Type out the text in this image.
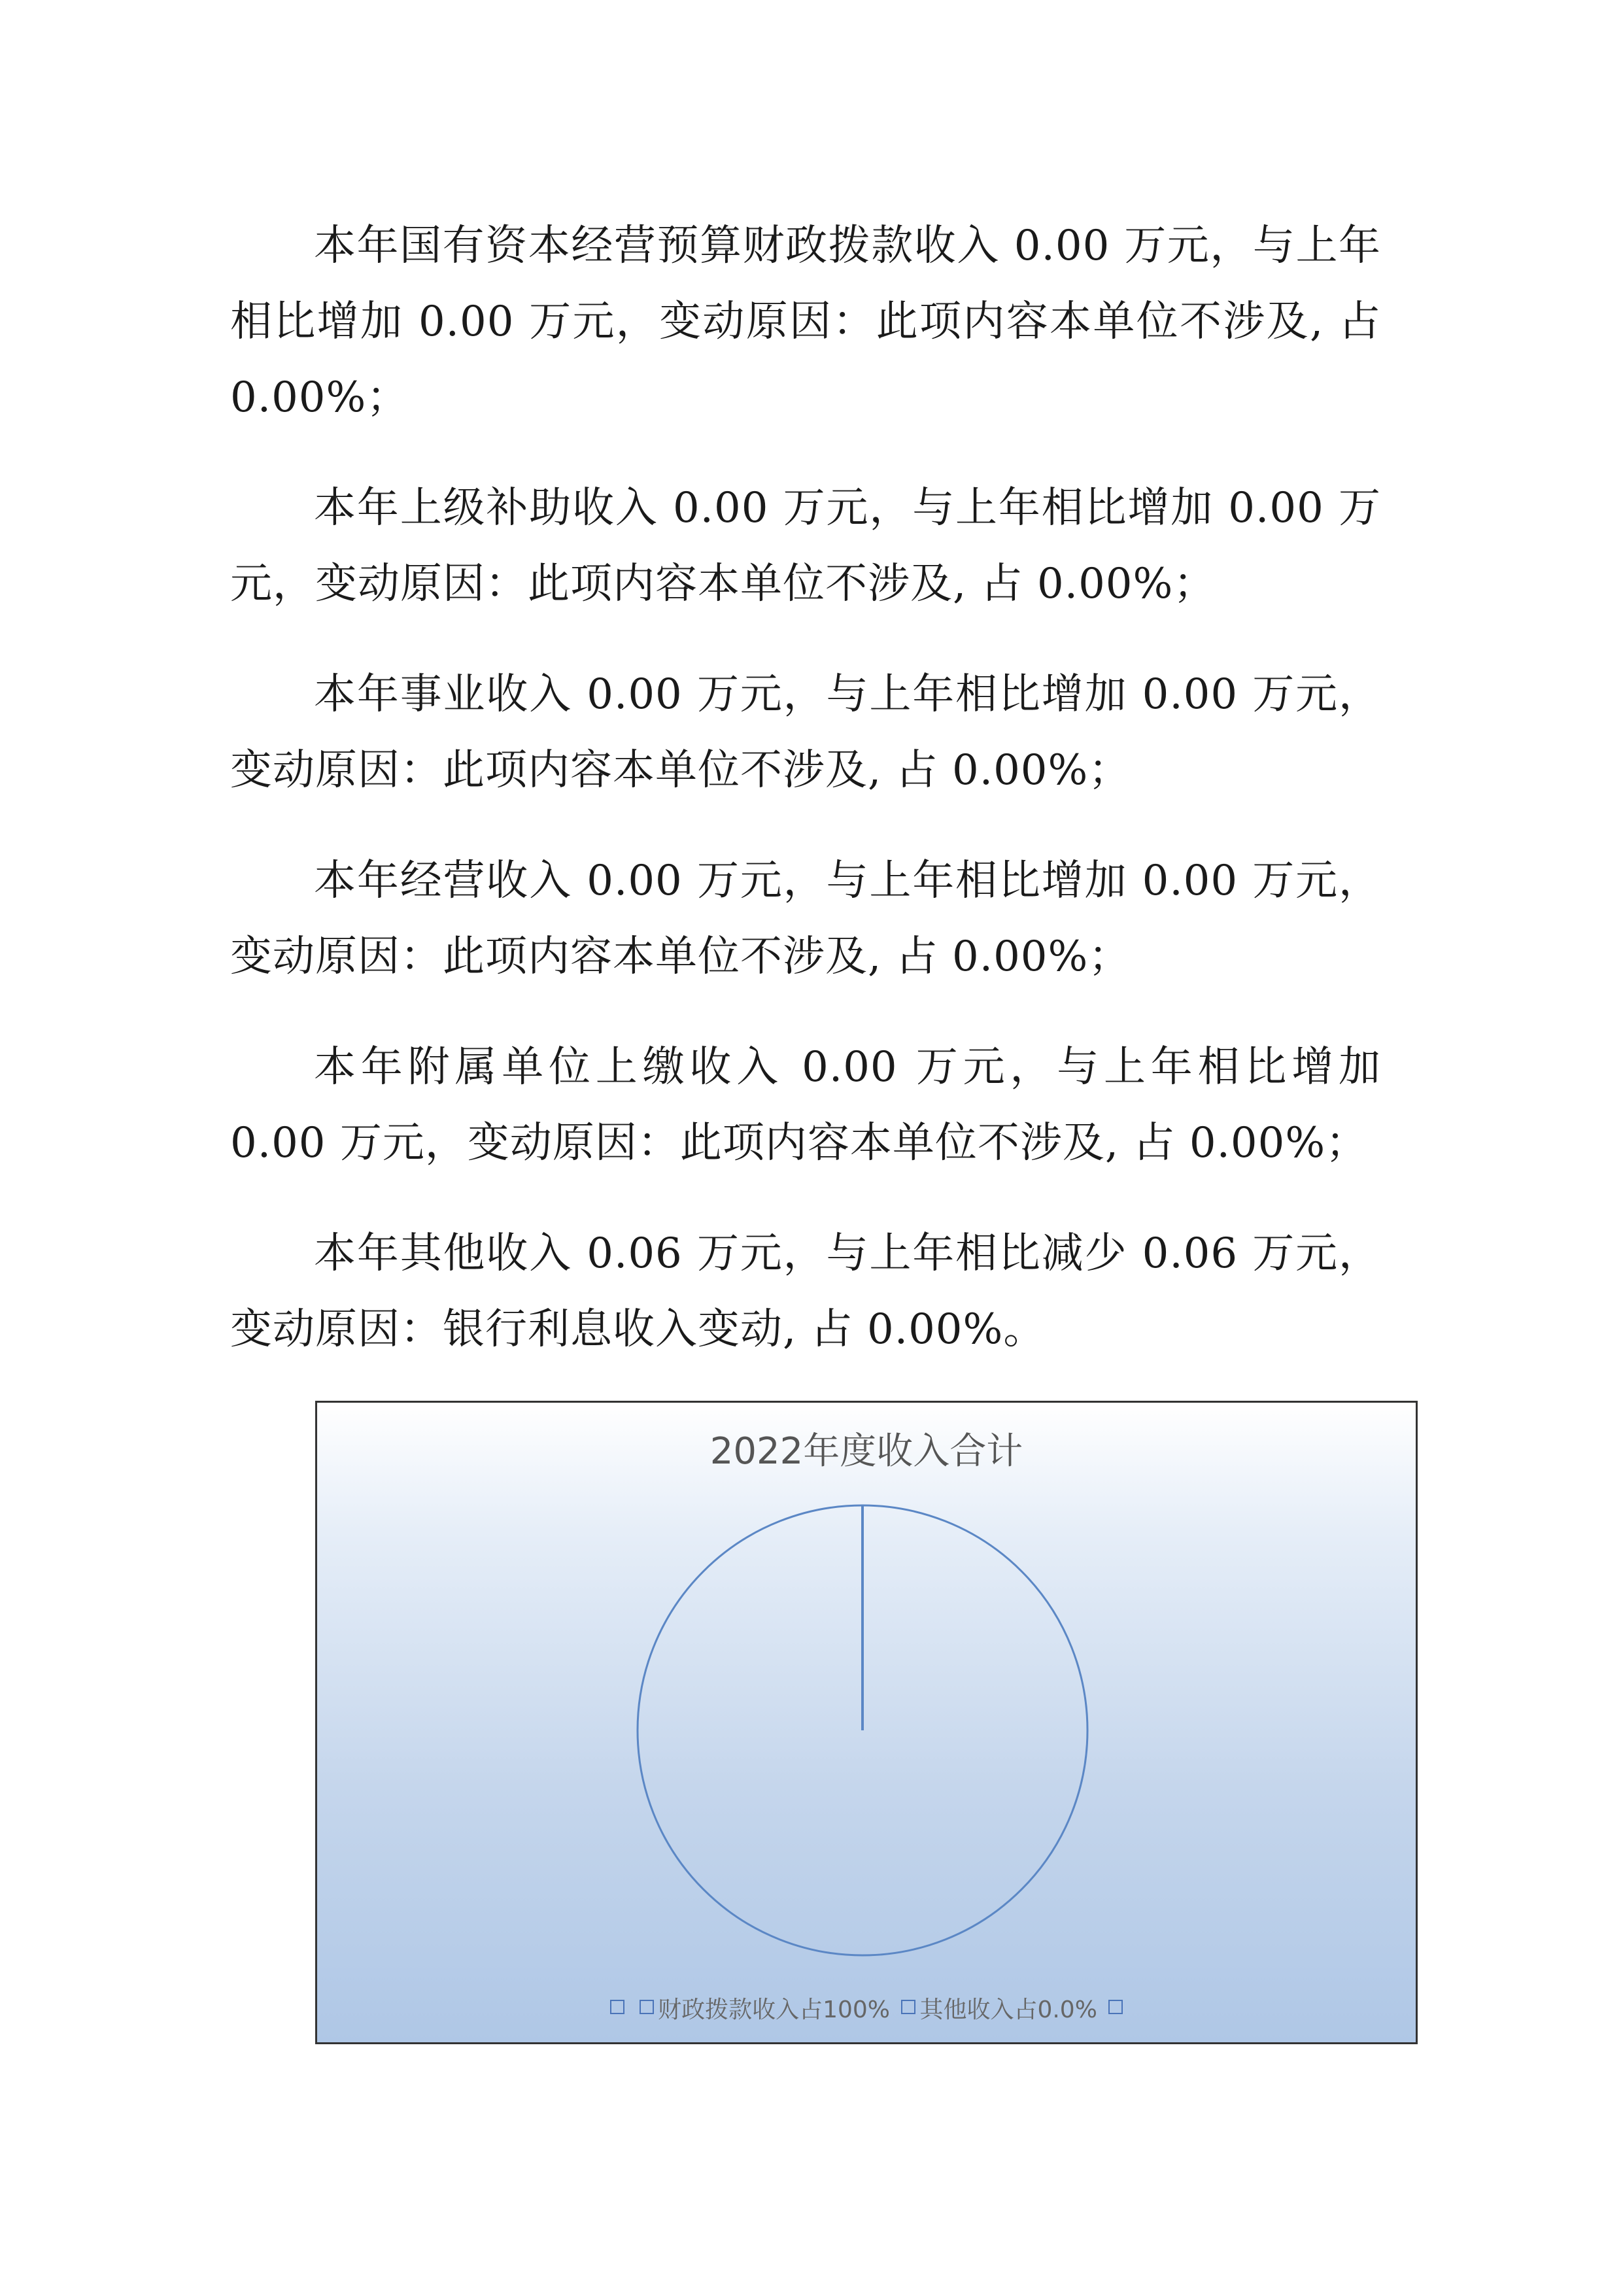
本年国有资本经营预算财政拨款收入 0.00 万元，与上年相比增加 0.00 万元，变动原因：此项内容本单位不涉及, 占 0.00%；

本年上级补助收入 0.00 万元，与上年相比增加 0.00 万元，变动原因：此项内容本单位不涉及, 占 0.00%；

本年事业收入 0.00 万元，与上年相比增加 0.00 万元，变动原因：此项内容本单位不涉及, 占 0.00%；

本年经营收入 0.00 万元，与上年相比增加 0.00 万元，变动原因：此项内容本单位不涉及, 占 0.00%；

本年附属单位上缴收入 0.00 万元，与上年相比增加 0.00 万元，变动原因：此项内容本单位不涉及, 占 0.00%；

本年其他收入 0.06 万元，与上年相比减少 0.06 万元，变动原因：银行利息收入变动, 占 0.00%。

2022年度收入合计
财政拨款收入占100% 其他收入占0.0%
